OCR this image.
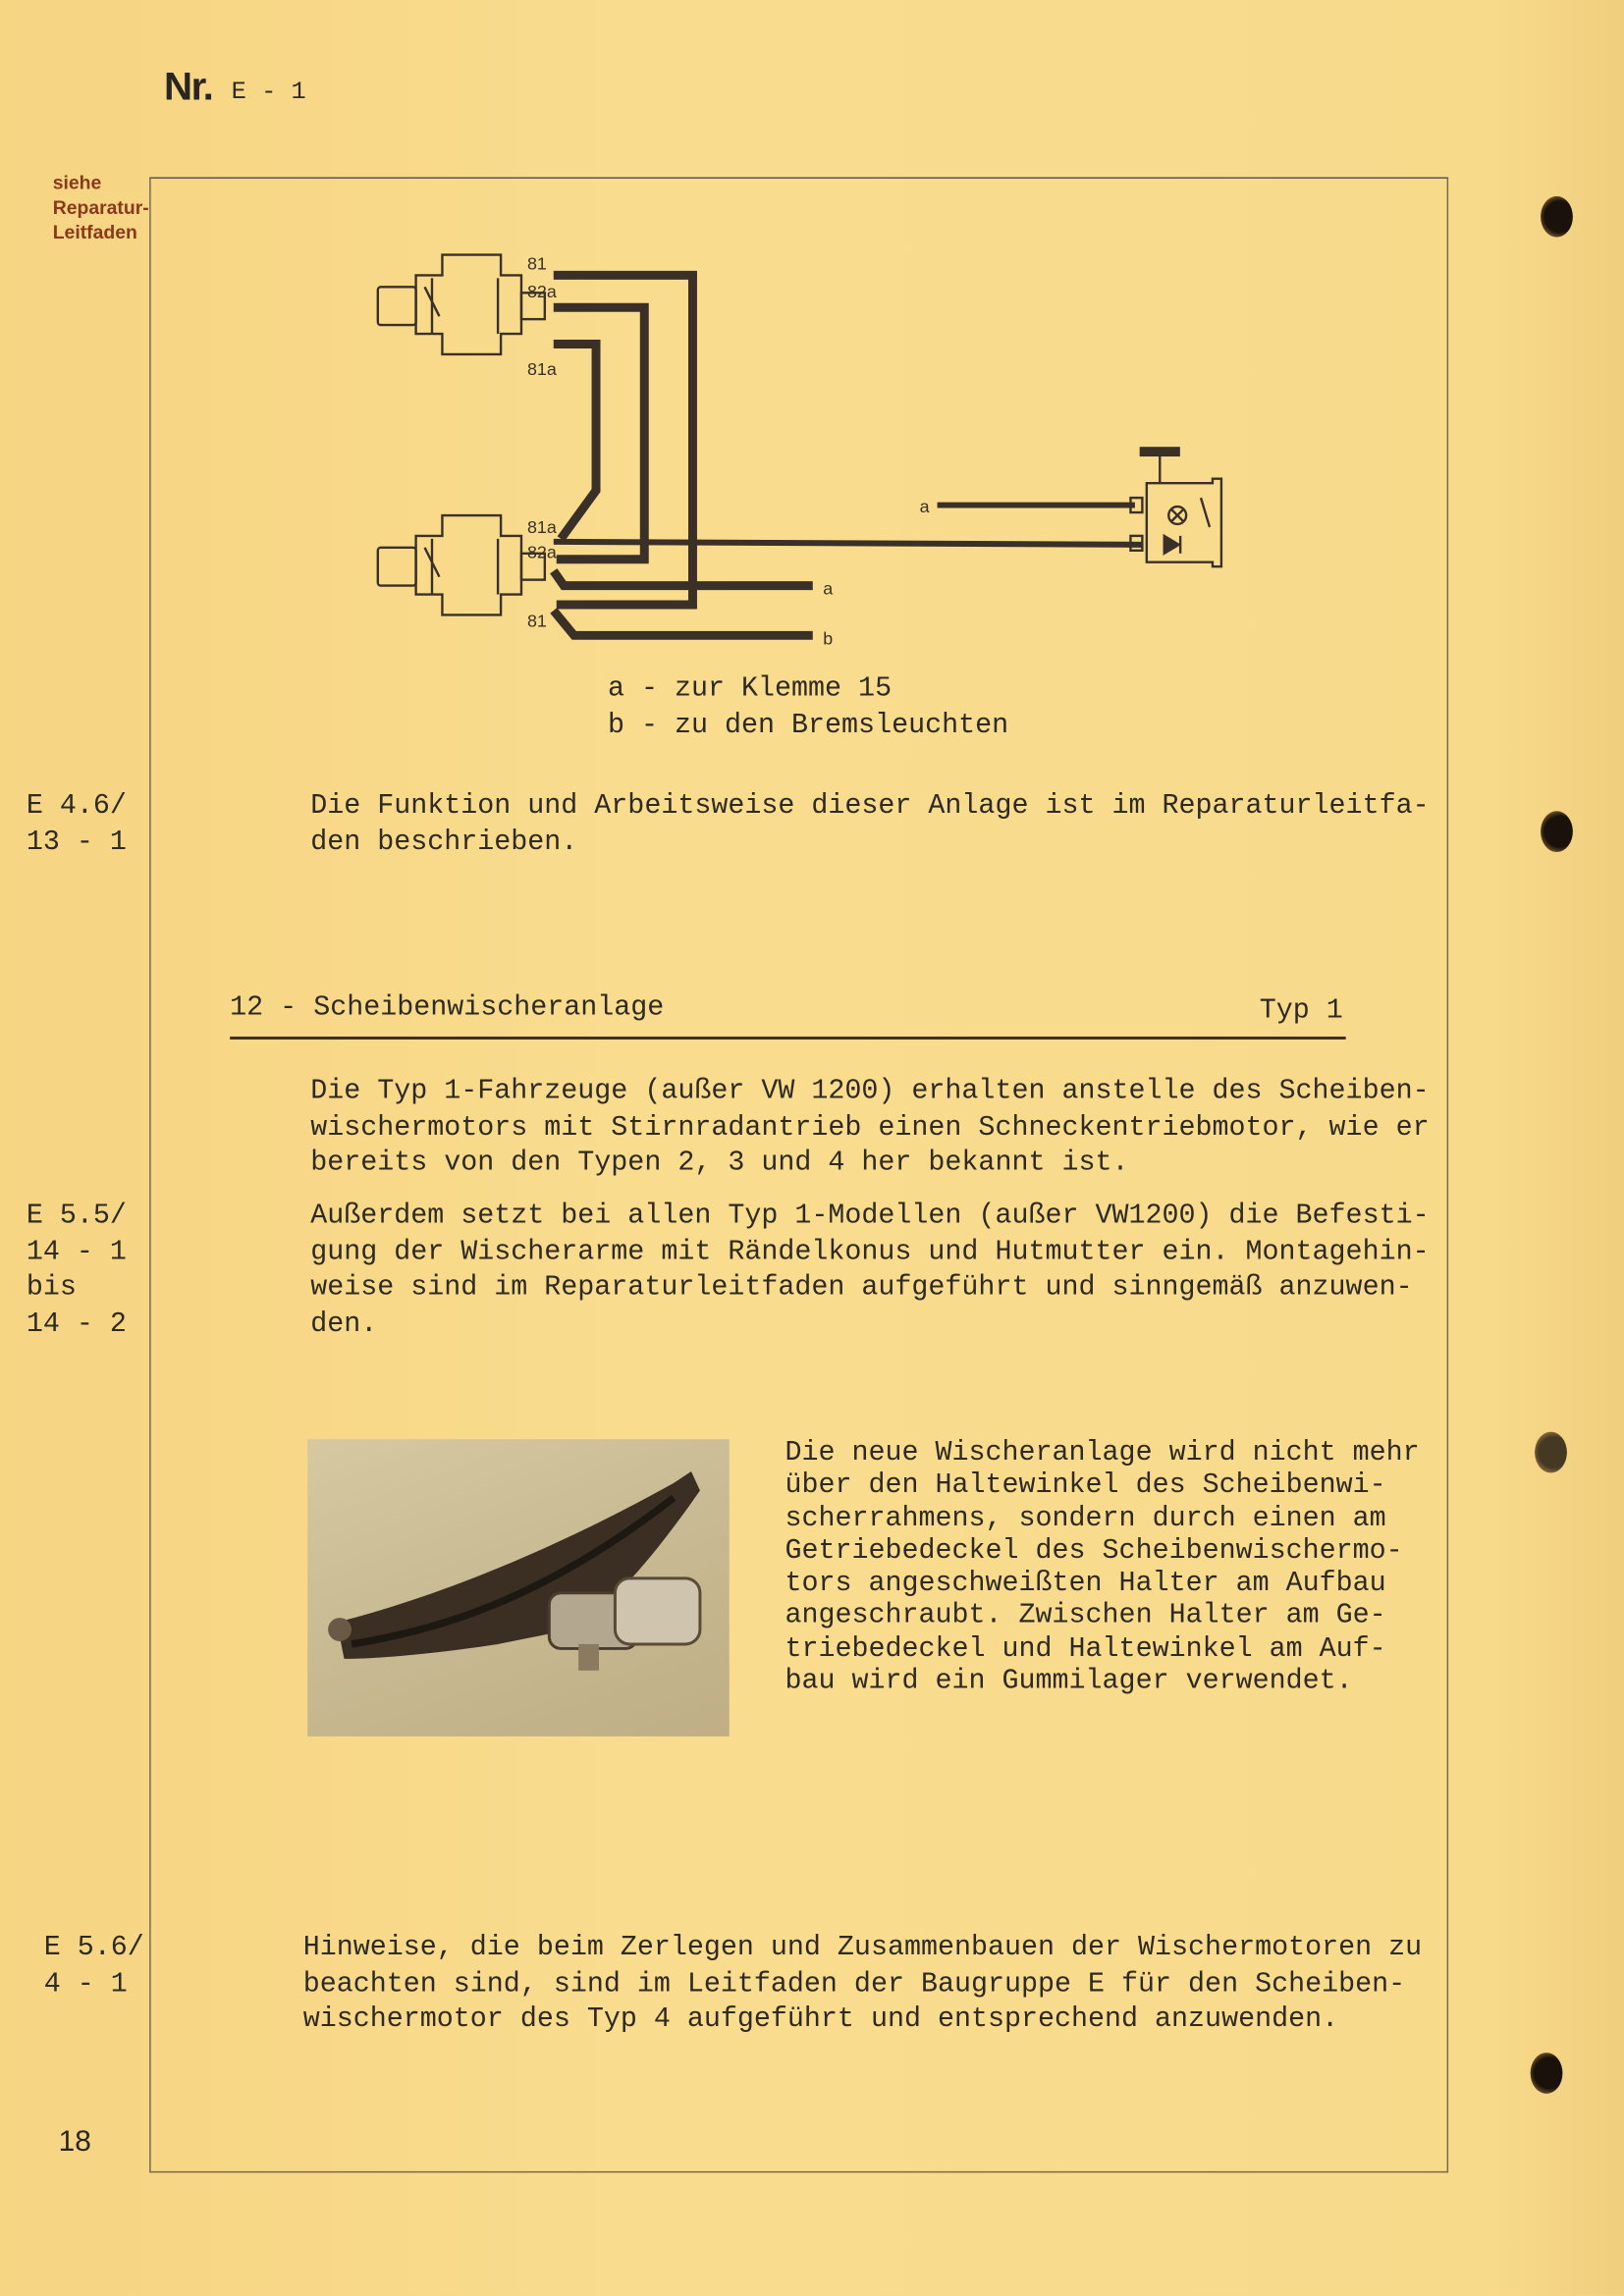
Nr. E - 1
siehe
Reparatur-
Leitfaden
81
82a
81a
81a
82a
81
a
a
b
a - zur Klemme 15
b - zu den Bremsleuchten
E 4.6/
13 - 1
Die Funktion und Arbeitsweise dieser Anlage ist im Reparaturleitfa-
den beschrieben.
12 - Scheibenwischeranlage	Typ 1
Die Typ 1-Fahrzeuge (außer VW 1200) erhalten anstelle des Scheiben-
wischermotors mit Stirnradantrieb einen Schneckentriebmotor, wie er
bereits von den Typen 2, 3 und 4 her bekannt ist.
E 5.5/
14 - 1
bis
14 - 2
Außerdem setzt bei allen Typ 1-Modellen (außer VW1200) die Befesti-
gung der Wischerarme mit Rändelkonus und Hutmutter ein. Montagehin-
weise sind im Reparaturleitfaden aufgeführt und sinngemäß anzuwen-
den.
Die neue Wischeranlage wird nicht mehr
über den Haltewinkel des Scheibenwi-
scherrahmens, sondern durch einen am
Getriebedeckel des Scheibenwischermo-
tors angeschweißten Halter am Aufbau
angeschraubt. Zwischen Halter am Ge-
triebedeckel und Haltewinkel am Auf-
bau wird ein Gummilager verwendet.
E 5.6/
4 - 1
Hinweise, die beim Zerlegen und Zusammenbauen der Wischermotoren zu
beachten sind, sind im Leitfaden der Baugruppe E für den Scheiben-
wischermotor des Typ 4 aufgeführt und entsprechend anzuwenden.
18
